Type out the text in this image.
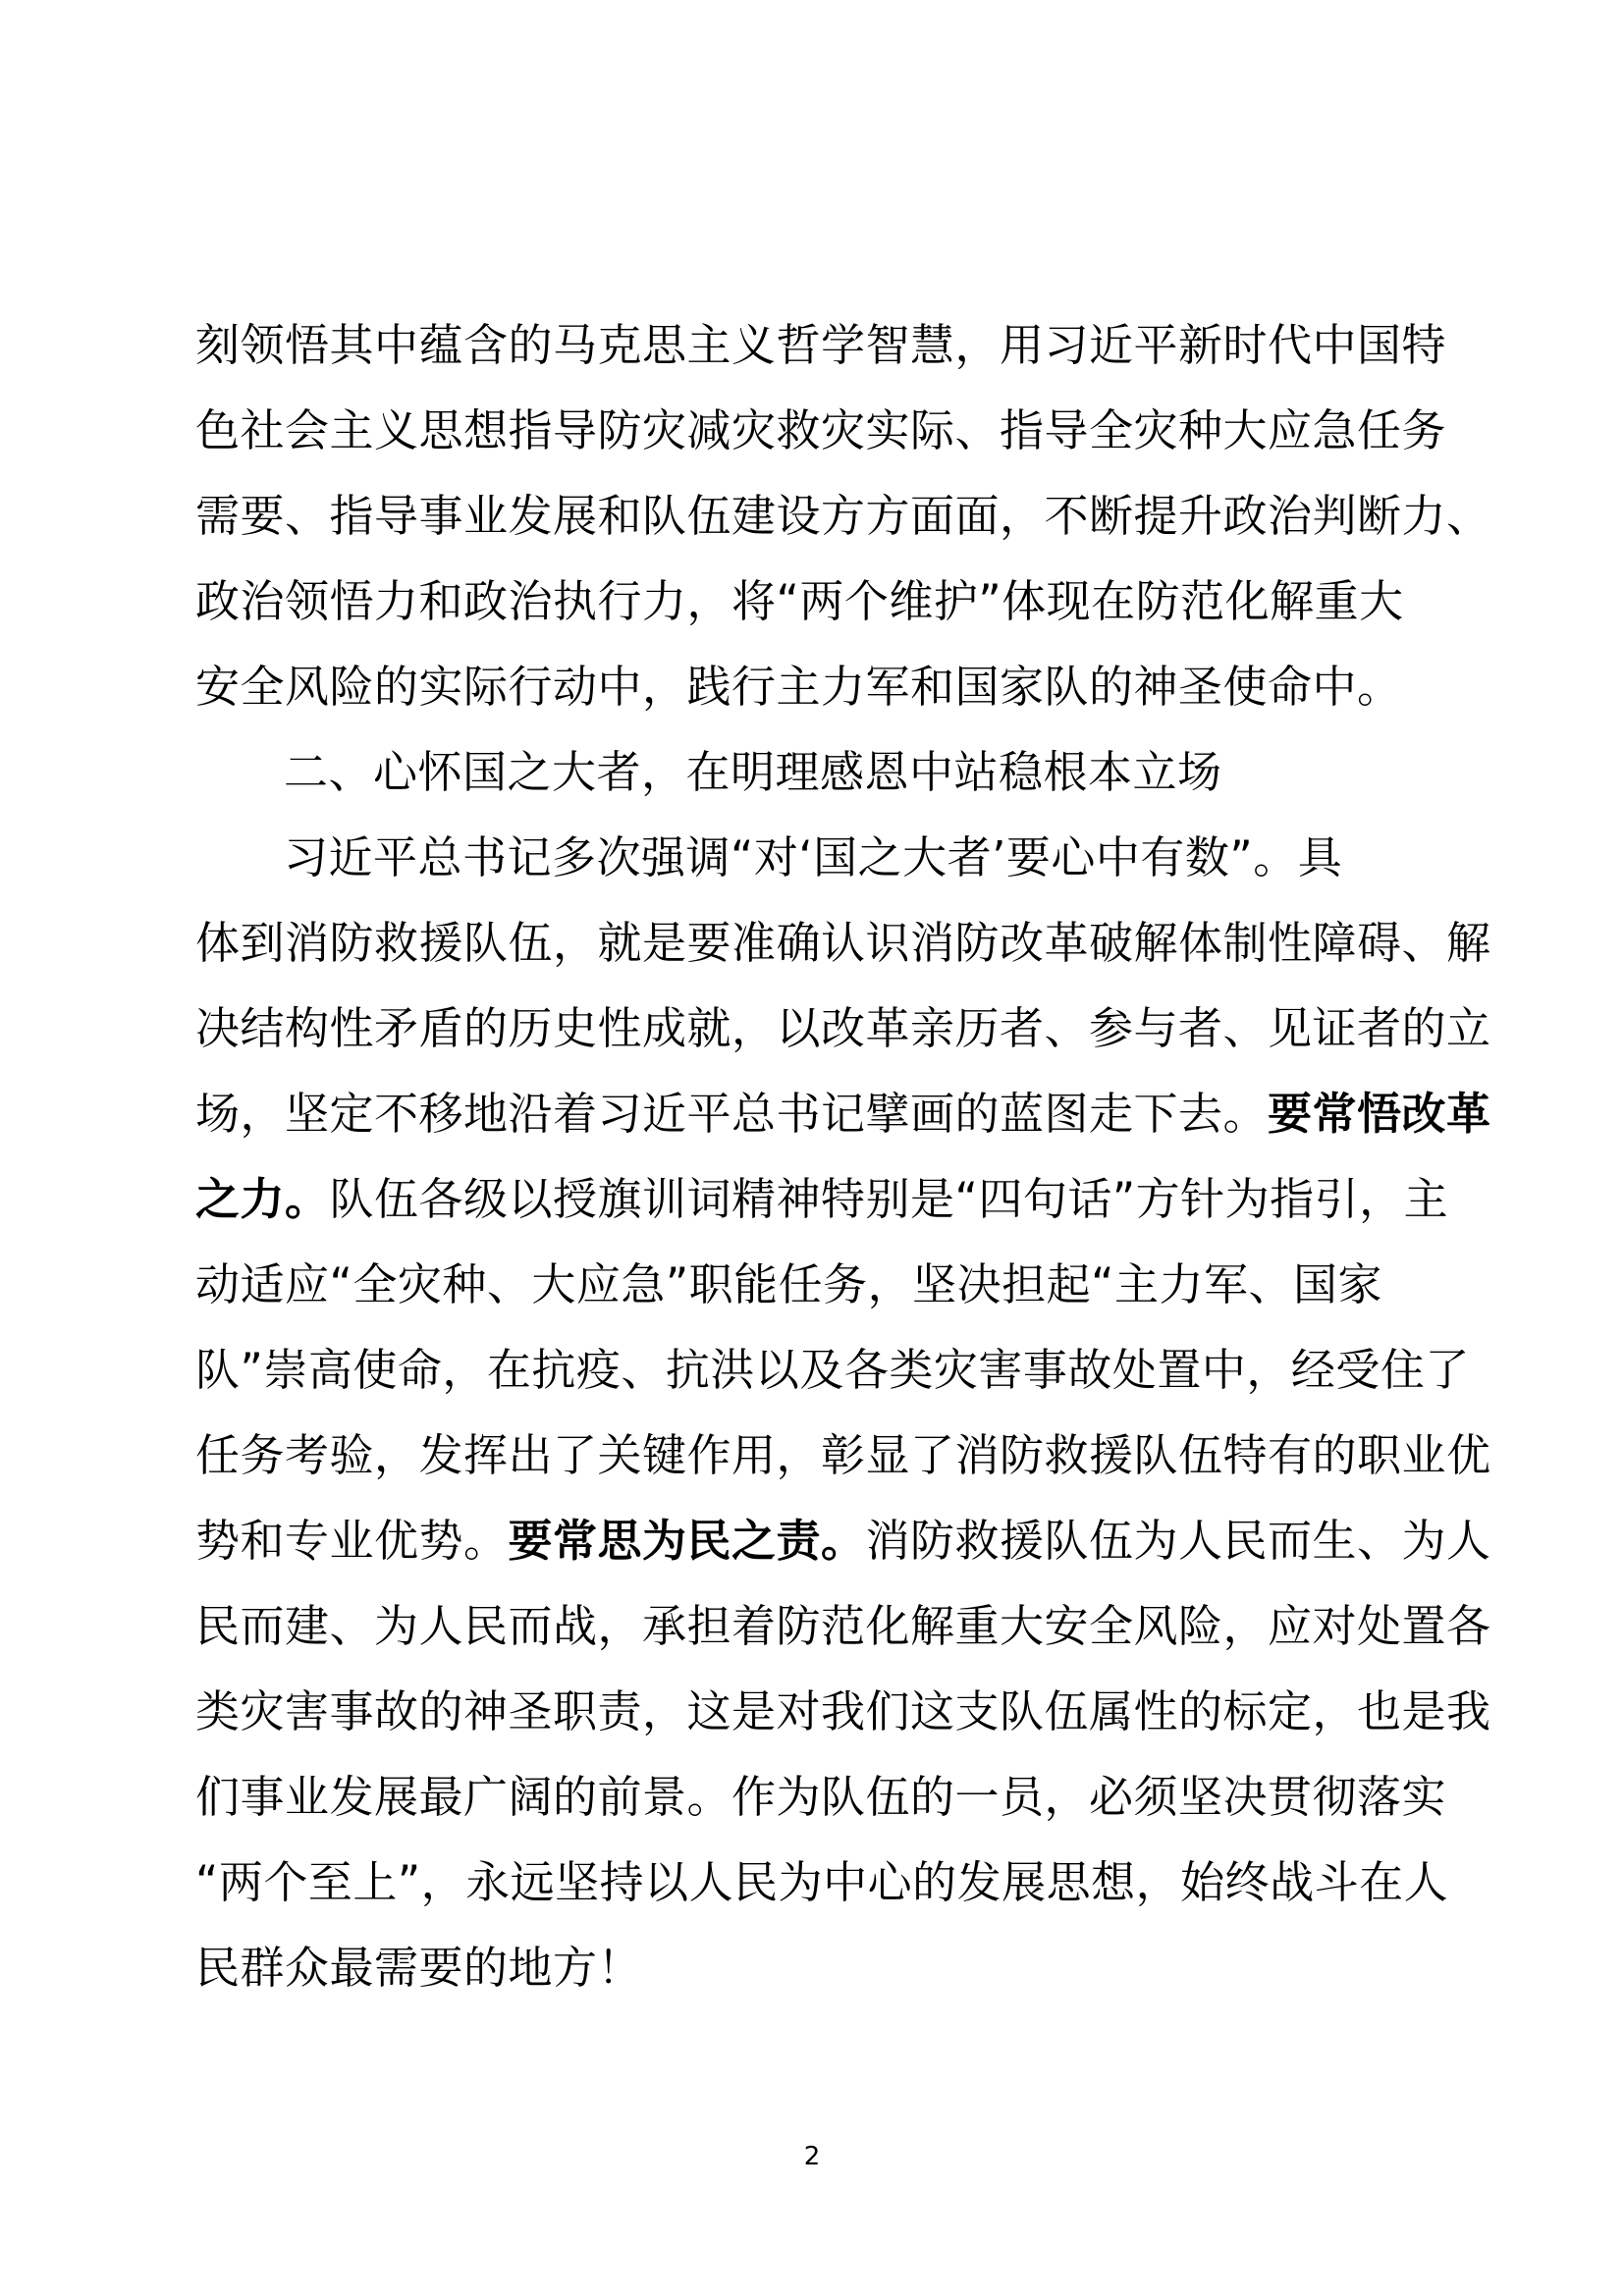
刻领悟其中蕴含的马克思主义哲学智慧，用习近平新时代中国特
色社会主义思想指导防灾减灾救灾实际、指导全灾种大应急任务
需要、指导事业发展和队伍建设方方面面，不断提升政治判断力、
政治领悟力和政治执行力，将“两个维护”体现在防范化解重大
安全风险的实际行动中，践行主力军和国家队的神圣使命中。
二、心怀国之大者，在明理感恩中站稳根本立场
习近平总书记多次强调“对‘国之大者’要心中有数”。具
体到消防救援队伍，就是要准确认识消防改革破解体制性障碍、解
决结构性矛盾的历史性成就，以改革亲历者、参与者、见证者的立
场，坚定不移地沿着习近平总书记擘画的蓝图走下去。要常悟改革
之力。队伍各级以授旗训词精神特别是“四句话”方针为指引，主
动适应“全灾种、大应急”职能任务，坚决担起“主力军、国家
队”崇高使命，在抗疫、抗洪以及各类灾害事故处置中，经受住了
任务考验，发挥出了关键作用，彰显了消防救援队伍特有的职业优
势和专业优势。要常思为民之责。消防救援队伍为人民而生、为人
民而建、为人民而战，承担着防范化解重大安全风险，应对处置各
类灾害事故的神圣职责，这是对我们这支队伍属性的标定，也是我
们事业发展最广阔的前景。作为队伍的一员，必须坚决贯彻落实
“两个至上”，永远坚持以人民为中心的发展思想，始终战斗在人
民群众最需要的地方！
2
